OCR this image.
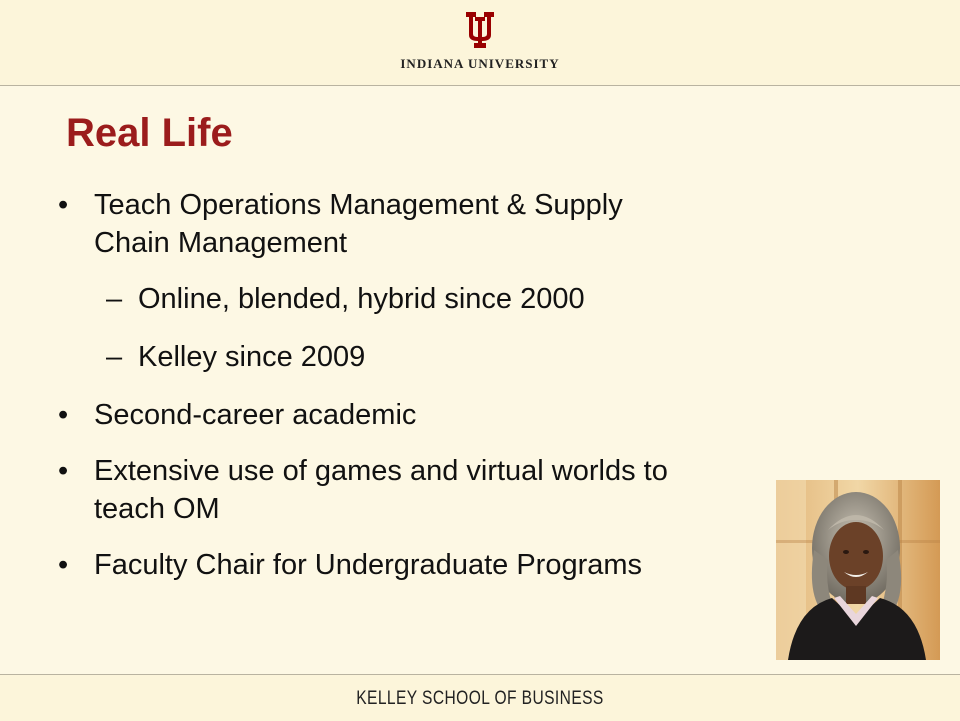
INDIANA UNIVERSITY
Real Life
• Teach Operations Management & Supply Chain Management
– Online, blended, hybrid since 2000
– Kelley since 2009
• Second-career academic
• Extensive use of games and virtual worlds to teach OM
• Faculty Chair for Undergraduate Programs
KELLEY SCHOOL OF BUSINESS
